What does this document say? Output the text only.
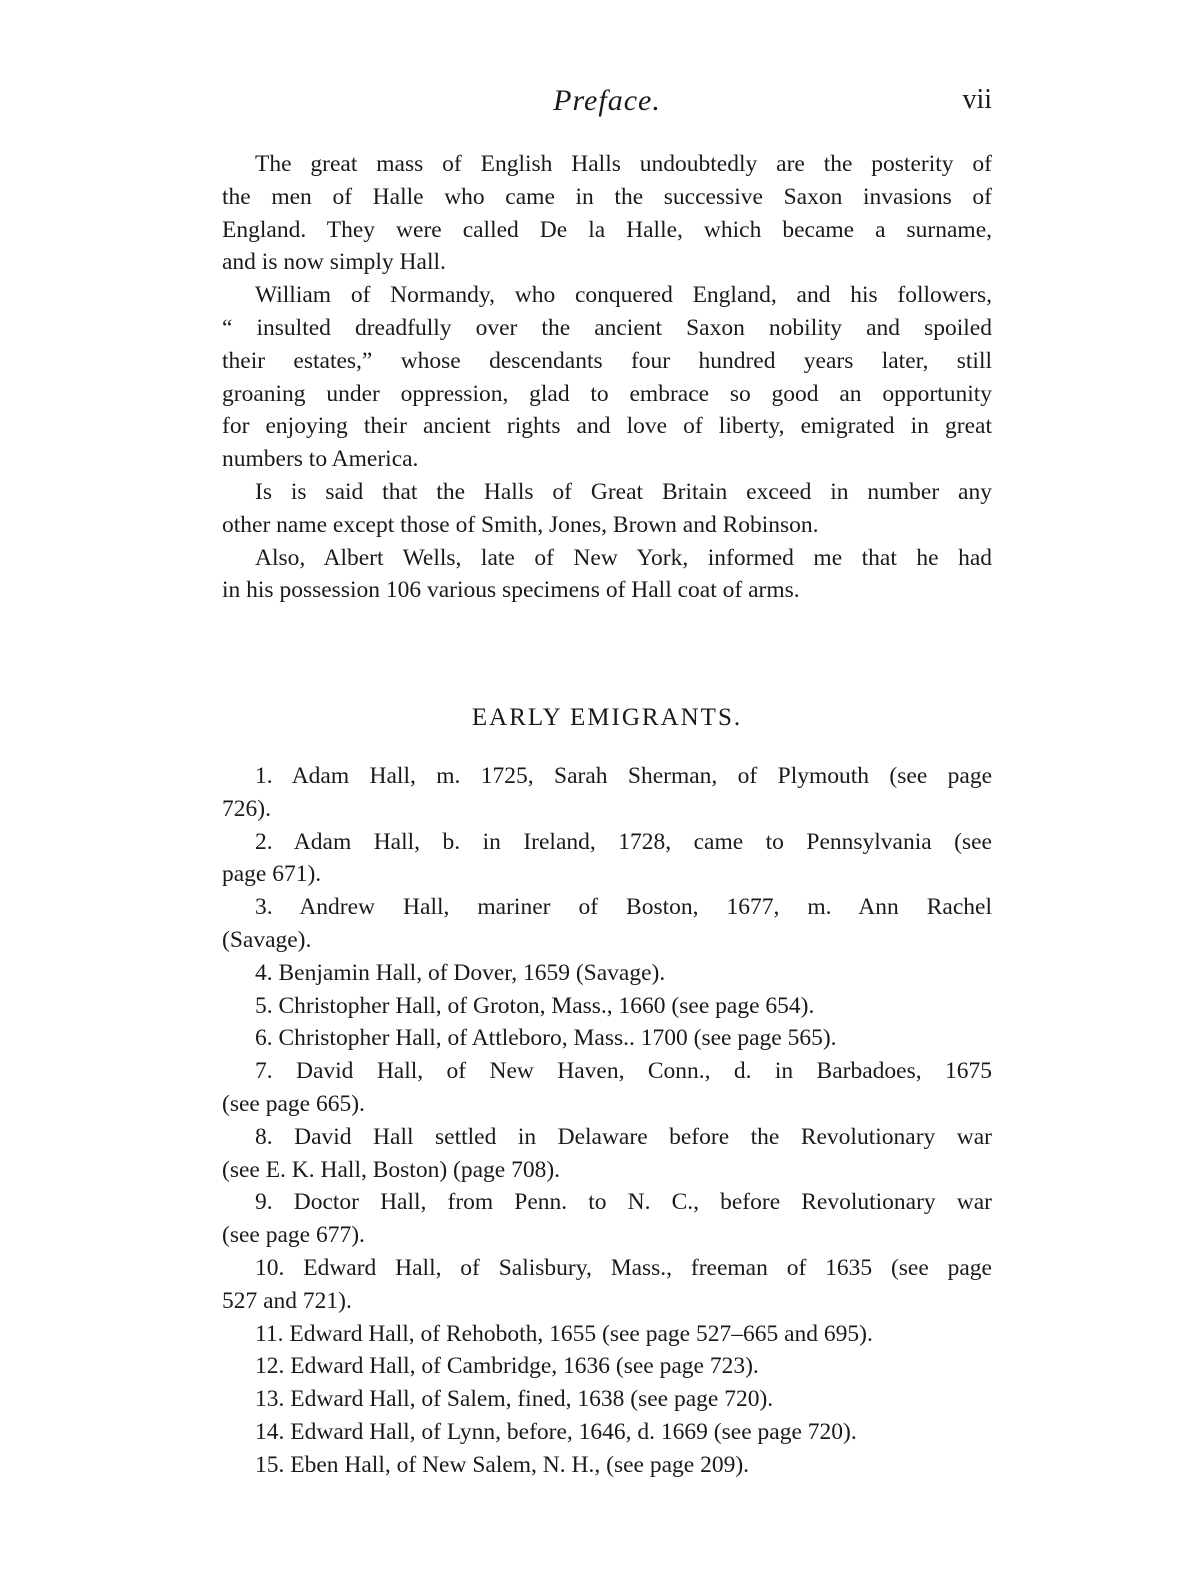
Preface.	vii
The great mass of English Halls undoubtedly are the posterity of
the men of Halle who came in the successive Saxon invasions of
England. They were called De la Halle, which became a surname,
and is now simply Hall.
William of Normandy, who conquered England, and his followers,
“ insulted dreadfully over the ancient Saxon nobility and spoiled
their estates,” whose descendants four hundred years later, still
groaning under oppression, glad to embrace so good an opportunity
for enjoying their ancient rights and love of liberty, emigrated in great
numbers to America.
Is is said that the Halls of Great Britain exceed in number any
other name except those of Smith, Jones, Brown and Robinson.
Also, Albert Wells, late of New York, informed me that he had
in his possession 106 various specimens of Hall coat of arms.
EARLY EMIGRANTS.
1. Adam Hall, m. 1725, Sarah Sherman, of Plymouth (see page
726).
2. Adam Hall, b. in Ireland, 1728, came to Pennsylvania (see
page 671).
3. Andrew Hall, mariner of Boston, 1677, m. Ann Rachel
(Savage).
4. Benjamin Hall, of Dover, 1659 (Savage).
5. Christopher Hall, of Groton, Mass., 1660 (see page 654).
6. Christopher Hall, of Attleboro, Mass.. 1700 (see page 565).
7. David Hall, of New Haven, Conn., d. in Barbadoes, 1675
(see page 665).
8. David Hall settled in Delaware before the Revolutionary war
(see E. K. Hall, Boston) (page 708).
9. Doctor Hall, from Penn. to N. C., before Revolutionary war
(see page 677).
10. Edward Hall, of Salisbury, Mass., freeman of 1635 (see page
527 and 721).
11. Edward Hall, of Rehoboth, 1655 (see page 527–665 and 695).
12. Edward Hall, of Cambridge, 1636 (see page 723).
13. Edward Hall, of Salem, fined, 1638 (see page 720).
14. Edward Hall, of Lynn, before, 1646, d. 1669 (see page 720).
15. Eben Hall, of New Salem, N. H., (see page 209).
